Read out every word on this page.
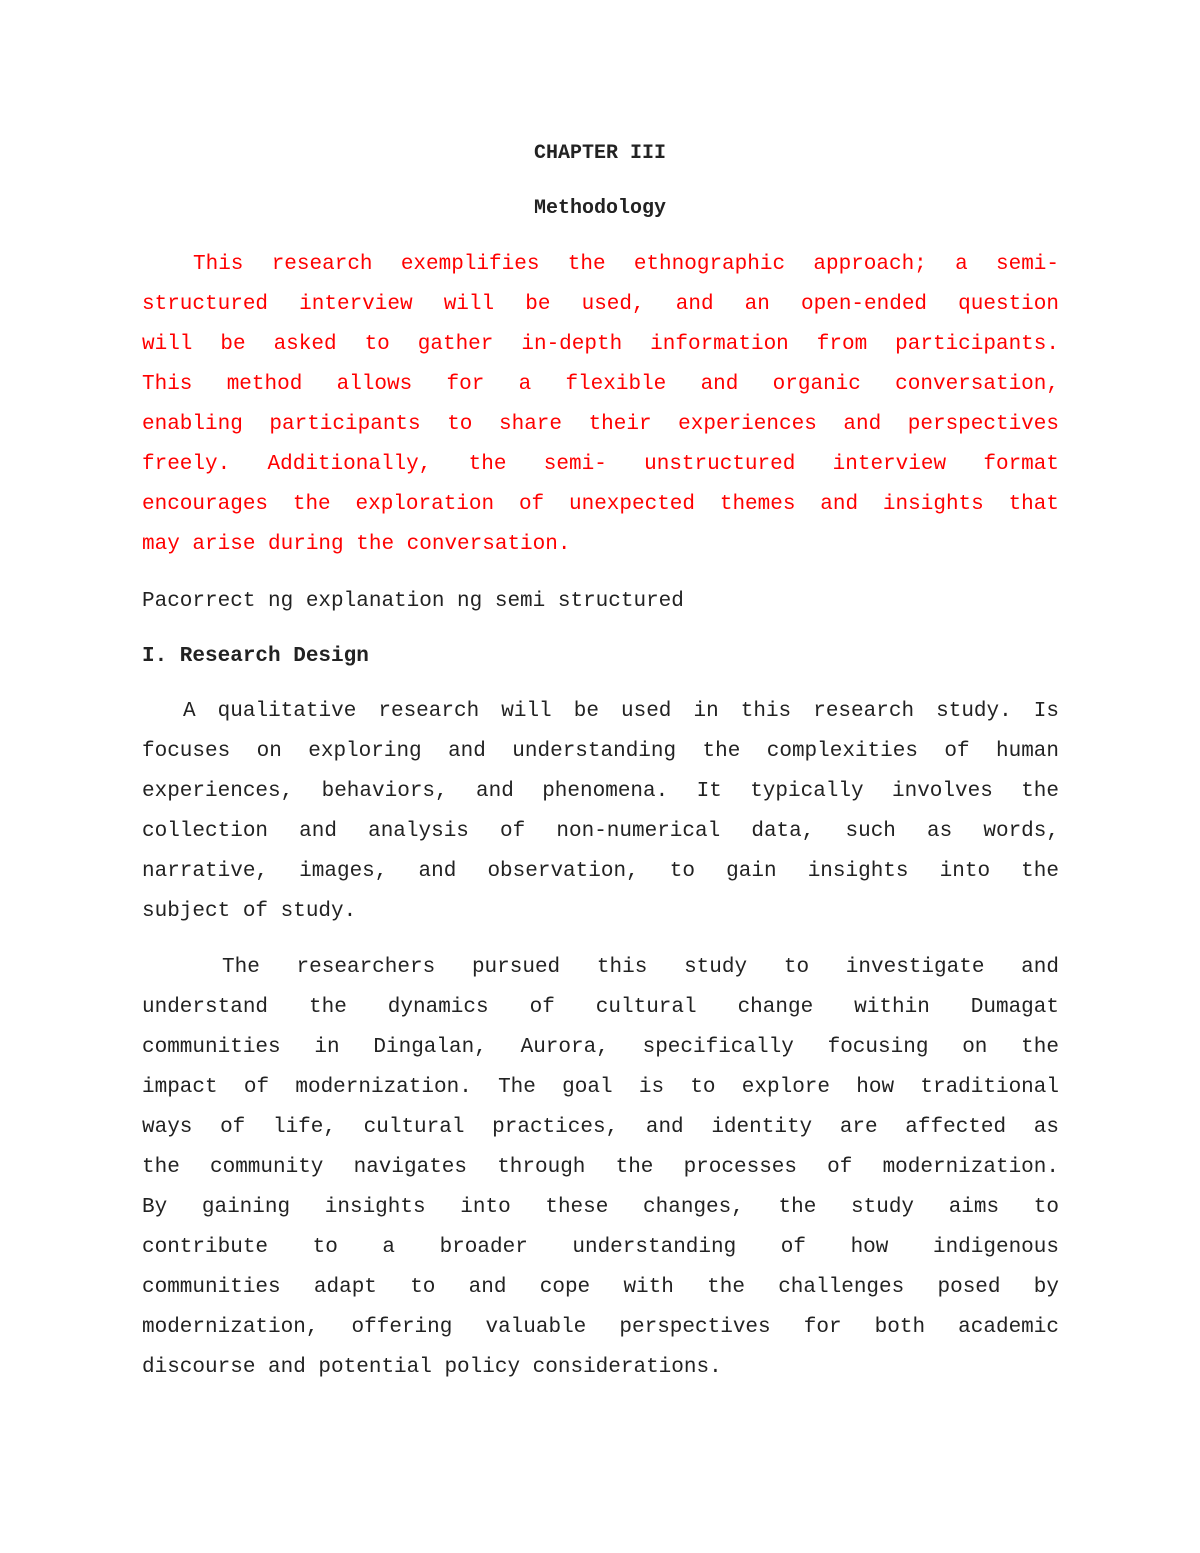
CHAPTER III
Methodology
This research exemplifies the ethnographic approach; a semi-
structured interview will be used, and an open-ended question
will be asked to gather in-depth information from participants.
This method allows for a flexible and organic conversation,
enabling participants to share their experiences and perspectives
freely. Additionally, the semi- unstructured interview format
encourages the exploration of unexpected themes and insights that
may arise during the conversation.
Pacorrect ng explanation ng semi structured
I. Research Design
A qualitative research will be used in this research study. Is
focuses on exploring and understanding the complexities of human
experiences, behaviors, and phenomena. It typically involves the
collection and analysis of non-numerical data, such as words,
narrative, images, and observation, to gain insights into the
subject of study.
The researchers pursued this study to investigate and
understand the dynamics of cultural change within Dumagat
communities in Dingalan, Aurora, specifically focusing on the
impact of modernization. The goal is to explore how traditional
ways of life, cultural practices, and identity are affected as
the community navigates through the processes of modernization.
By gaining insights into these changes, the study aims to
contribute to a broader understanding of how indigenous
communities adapt to and cope with the challenges posed by
modernization, offering valuable perspectives for both academic
discourse and potential policy considerations.
